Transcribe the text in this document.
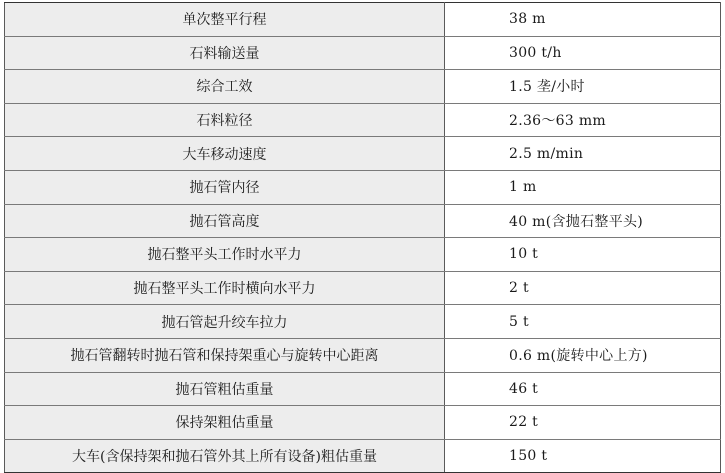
单次整平行程	38 m
石料输送量	300 t/h
综合工效	1.5 垄/小时
石料粒径	2.36～63 mm
大车移动速度	2.5 m/min
抛石管内径	1 m
抛石管高度	40 m(含抛石整平头)
抛石整平头工作时水平力	10 t
抛石整平头工作时横向水平力	2 t
抛石管起升绞车拉力	5 t
抛石管翻转时抛石管和保持架重心与旋转中心距离	0.6 m(旋转中心上方)
抛石管粗估重量	46 t
保持架粗估重量	22 t
大车(含保持架和抛石管外其上所有设备)粗估重量	150 t
